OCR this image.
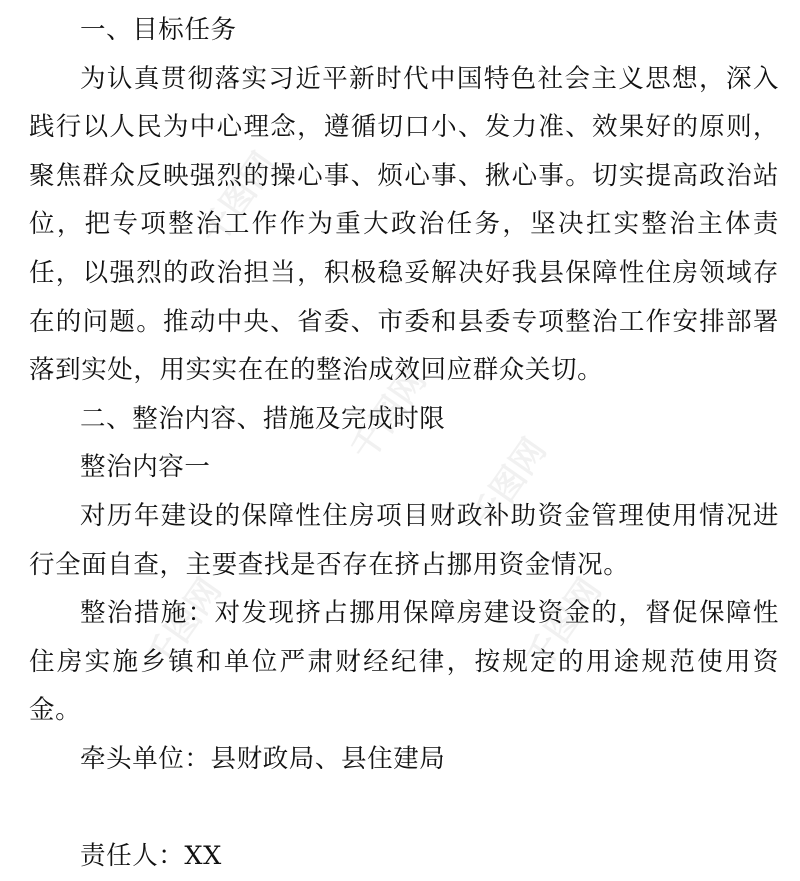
千图网
千图网
千图网
千图网
千图网

一、目标任务

为认真贯彻落实习近平新时代中国特色社会主义思想，深入践行以人民为中心理念，遵循切口小、发力准、效果好的原则，聚焦群众反映强烈的操心事、烦心事、揪心事。切实提高政治站位，把专项整治工作作为重大政治任务，坚决扛实整治主体责任，以强烈的政治担当，积极稳妥解决好我县保障性住房领域存在的问题。推动中央、省委、市委和县委专项整治工作安排部署落到实处，用实实在在的整治成效回应群众关切。

二、整治内容、措施及完成时限

整治内容一

对历年建设的保障性住房项目财政补助资金管理使用情况进行全面自查，主要查找是否存在挤占挪用资金情况。

整治措施：对发现挤占挪用保障房建设资金的，督促保障性住房实施乡镇和单位严肃财经纪律，按规定的用途规范使用资金。

牵头单位：县财政局、县住建局

责任人：XX
